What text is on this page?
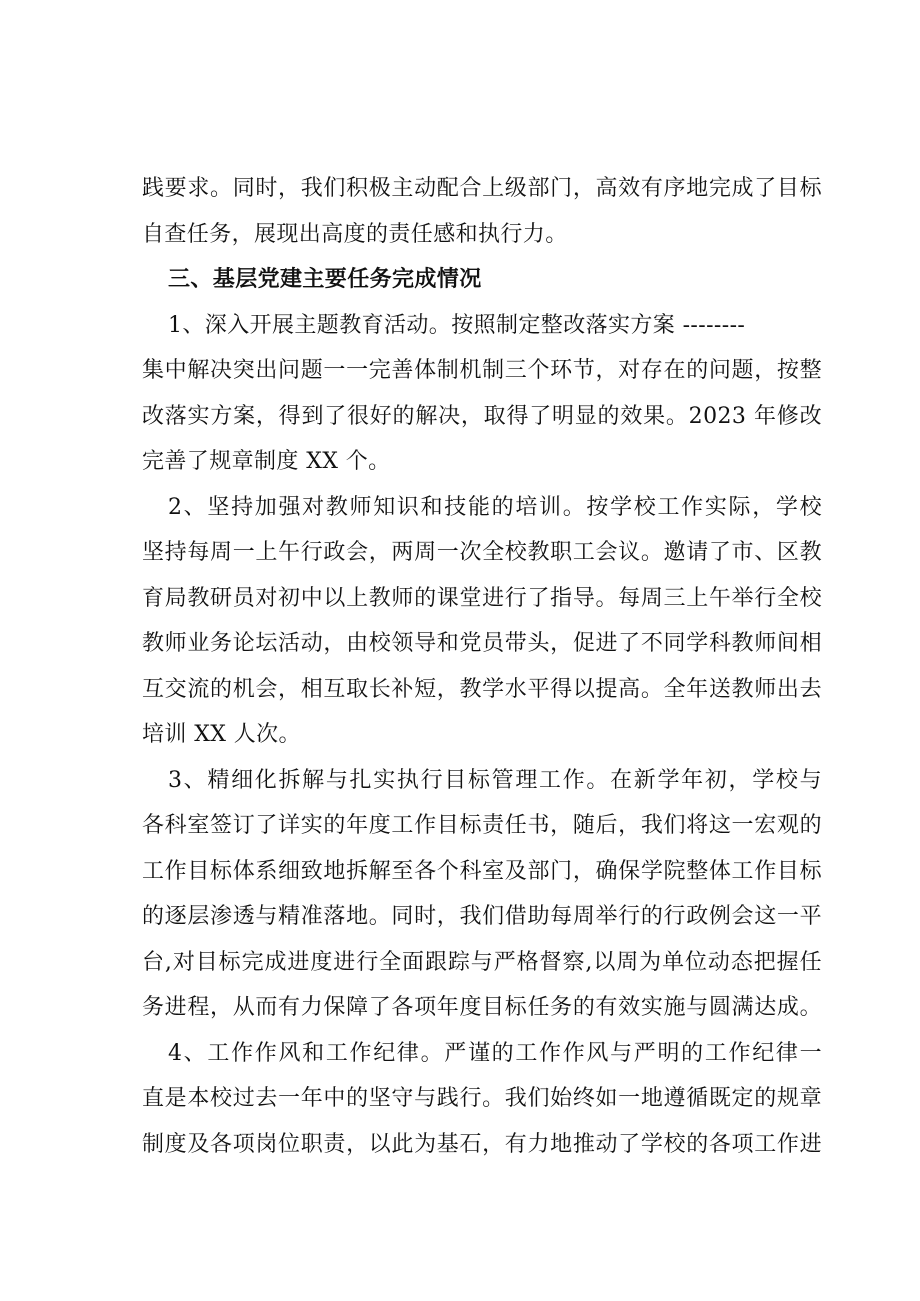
践要求。同时，我们积极主动配合上级部门，高效有序地完成了目标
自查任务，展现出高度的责任感和执行力。
三、基层党建主要任务完成情况
1、深入开展主题教育活动。按照制定整改落实方案 --------
集中解决突出问题一一完善体制机制三个环节，对存在的问题，按整
改落实方案，得到了很好的解决，取得了明显的效果。2023 年修改
完善了规章制度 XX 个。
2、坚持加强对教师知识和技能的培训。按学校工作实际，学校
坚持每周一上午行政会，两周一次全校教职工会议。邀请了市、区教
育局教研员对初中以上教师的课堂进行了指导。每周三上午举行全校
教师业务论坛活动，由校领导和党员带头，促进了不同学科教师间相
互交流的机会，相互取长补短，教学水平得以提高。全年送教师出去
培训 XX 人次。
3、精细化拆解与扎实执行目标管理工作。在新学年初，学校与
各科室签订了详实的年度工作目标责任书，随后，我们将这一宏观的
工作目标体系细致地拆解至各个科室及部门，确保学院整体工作目标
的逐层渗透与精准落地。同时，我们借助每周举行的行政例会这一平
台,对目标完成进度进行全面跟踪与严格督察,以周为单位动态把握任
务进程，从而有力保障了各项年度目标任务的有效实施与圆满达成。
4、工作作风和工作纪律。严谨的工作作风与严明的工作纪律一
直是本校过去一年中的坚守与践行。我们始终如一地遵循既定的规章
制度及各项岗位职责，以此为基石，有力地推动了学校的各项工作进
